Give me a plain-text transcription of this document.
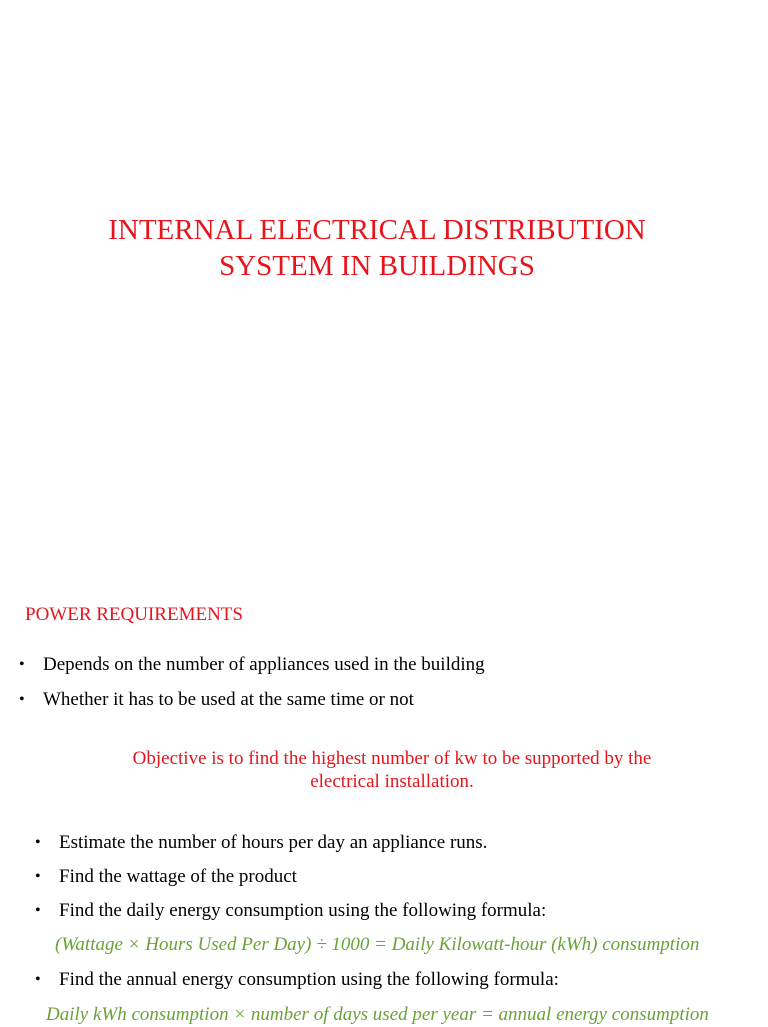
INTERNAL ELECTRICAL DISTRIBUTION
SYSTEM IN BUILDINGS
POWER REQUIREMENTS
• Depends on the number of appliances used in the building
• Whether it has to be used at the same time or not
Objective is to find the highest number of kw to be supported by the
electrical installation.
• Estimate the number of hours per day an appliance runs.
• Find the wattage of the product
• Find the daily energy consumption using the following formula:
(Wattage × Hours Used Per Day) ÷ 1000 = Daily Kilowatt-hour (kWh) consumption
• Find the annual energy consumption using the following formula:
Daily kWh consumption × number of days used per year = annual energy consumption
